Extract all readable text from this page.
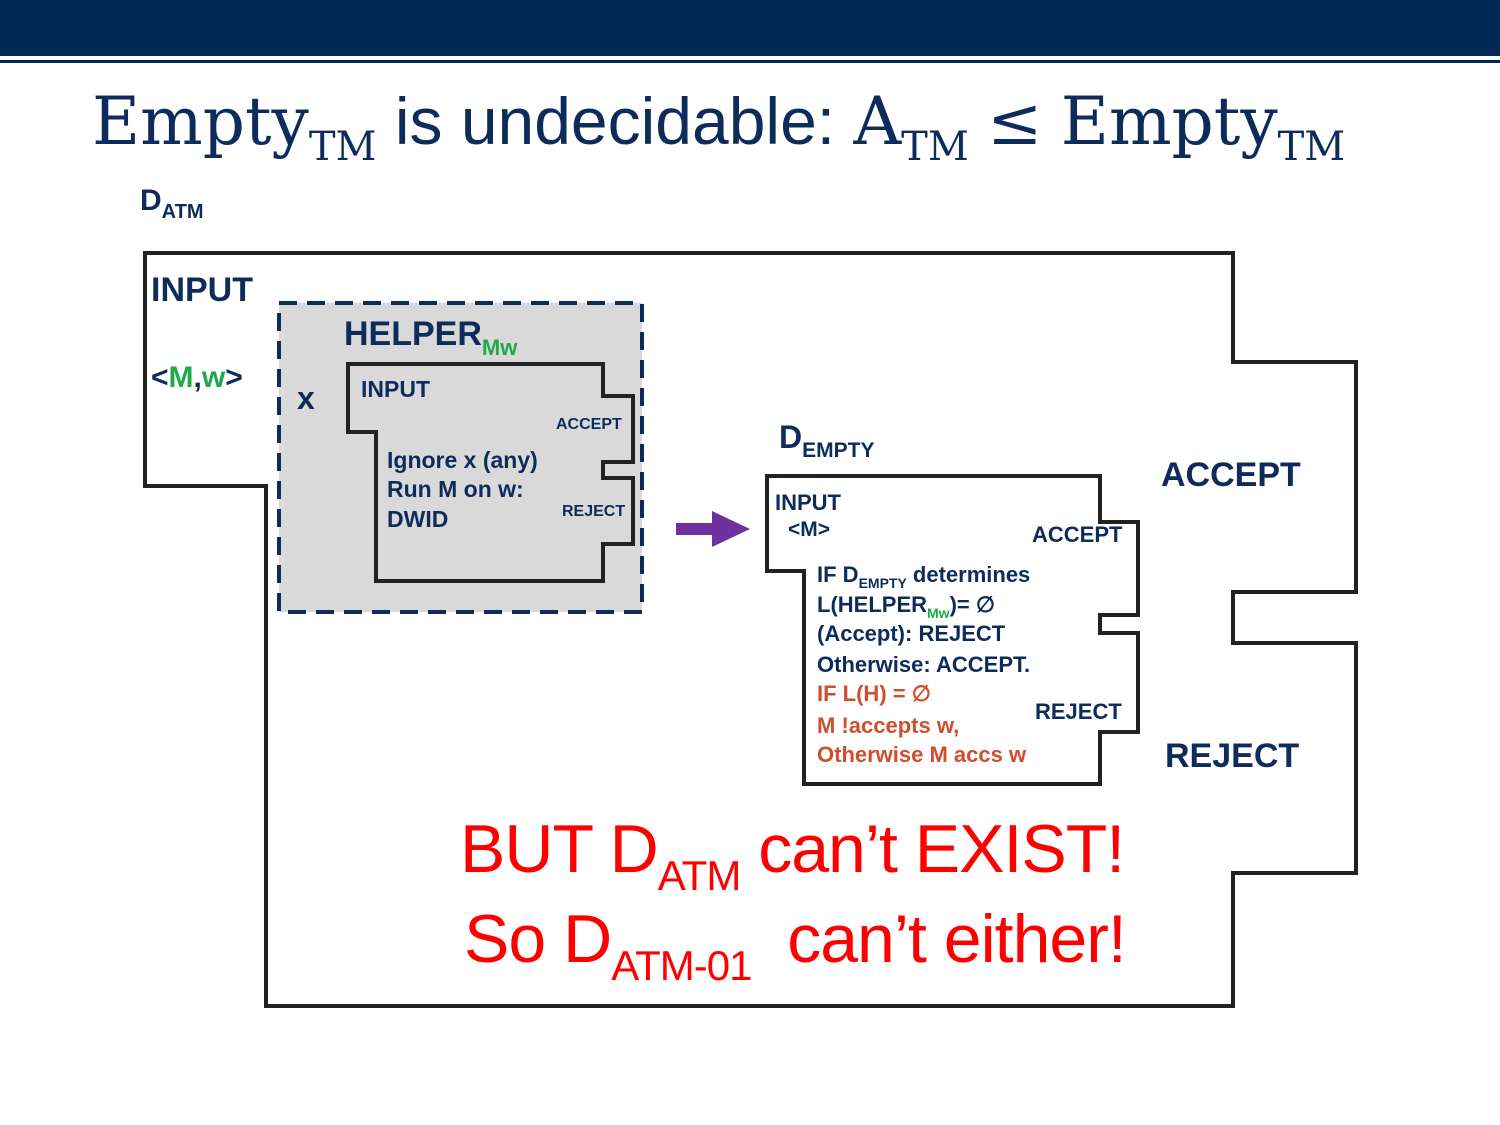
Empty$_{TM}$ is undecidable: $A_{TM}$ ≤ Empty$_{TM}$
$D_{ATM}$
INPUT
<M,w>
ACCEPT
REJECT
$HELPER_{Mw}$
x INPUT
ACCEPT
REJECT
Ignore x (any)
Run M on w:
DWID
$D_{EMPTY}$
INPUT
<M>	ACCEPT
REJECT
IF $D_{EMPTY}$ determines
$L(HELPER_{Mw})=$ ∅
(Accept): REJECT
Otherwise: ACCEPT.
IF L(H) = ∅
M !accepts w,
Otherwise M accs w
BUT $D_{ATM}$ can’t EXIST!
So $D_{ATM-01}$  can’t either!
